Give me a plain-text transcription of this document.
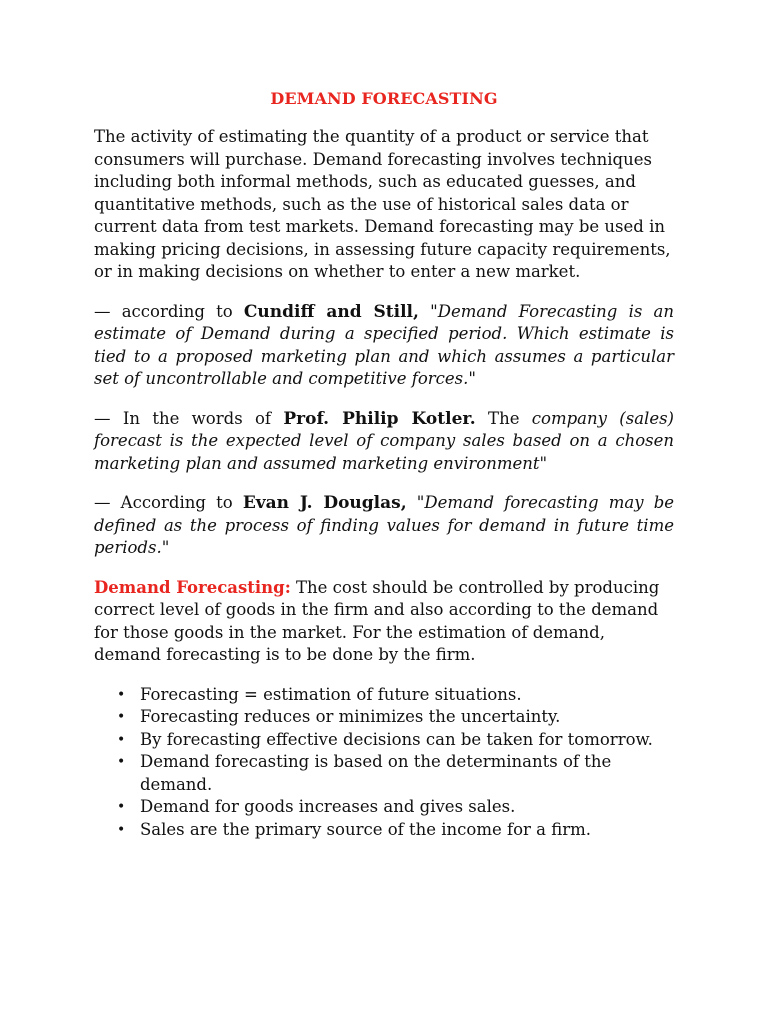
DEMAND FORECASTING

The activity of estimating the quantity of a product or service that consumers will purchase. Demand forecasting involves techniques including both informal methods, such as educated guesses, and quantitative methods, such as the use of historical sales data or current data from test markets. Demand forecasting may be used in making pricing decisions, in assessing future capacity requirements, or in making decisions on whether to enter a new market.

— according to Cundiff and Still, "Demand Forecasting is an estimate of Demand during a specified period. Which estimate is tied to a proposed marketing plan and which assumes a particular set of uncontrollable and competitive forces."

— In the words of Prof. Philip Kotler. The company (sales) forecast is the expected level of company sales based on a chosen marketing plan and assumed marketing environment"

— According to Evan J. Douglas, "Demand forecasting may be defined as the process of finding values for demand in future time periods."

Demand Forecasting: The cost should be controlled by producing correct level of goods in the firm and also according to the demand for those goods in the market. For the estimation of demand, demand forecasting is to be done by the firm.

• Forecasting = estimation of future situations.
• Forecasting reduces or minimizes the uncertainty.
• By forecasting effective decisions can be taken for tomorrow.
• Demand forecasting is based on the determinants of the demand.
• Demand for goods increases and gives sales.
• Sales are the primary source of the income for a firm.
